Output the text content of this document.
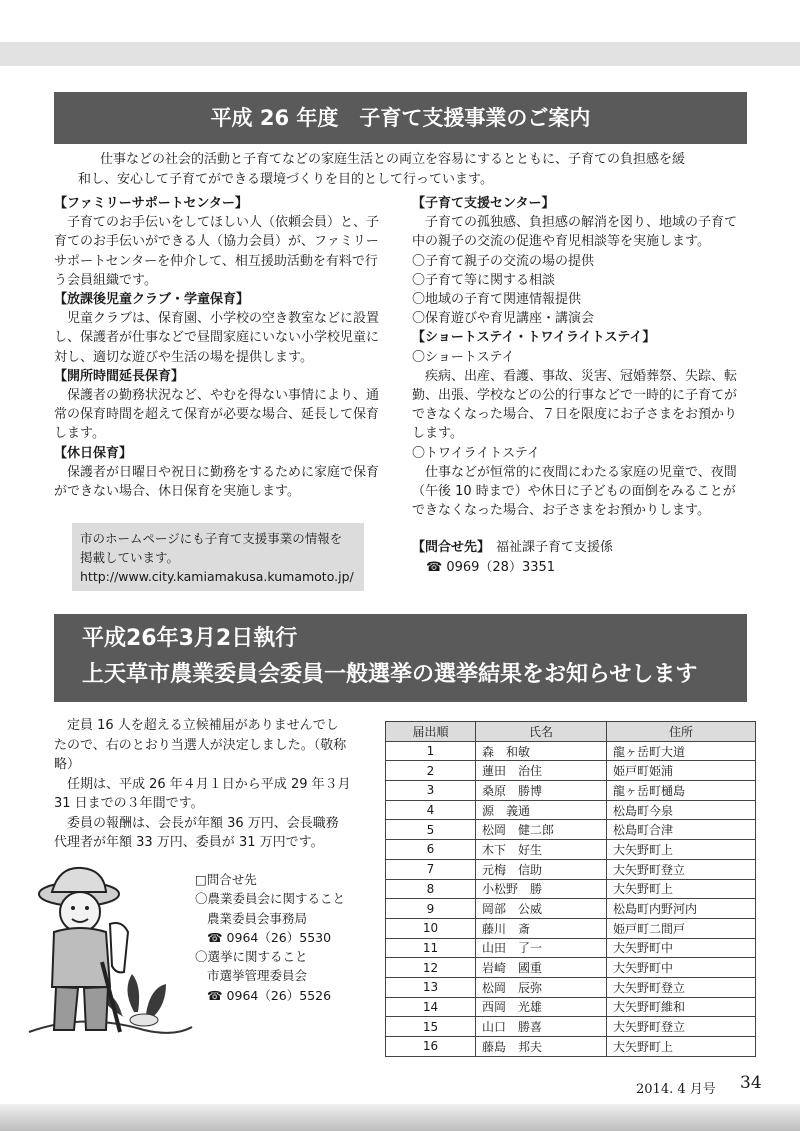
平成 26 年度　子育て支援事業のご案内

仕事などの社会的活動と子育てなどの家庭生活との両立を容易にするとともに、子育ての負担感を緩

和し、安心して子育てができる環境づくりを目的として行っています。

【ファミリーサポートセンター】

子育てのお手伝いをしてほしい人（依頼会員）と、子

育てのお手伝いができる人（協力会員）が、ファミリー

サポートセンターを仲介して、相互援助活動を有料で行

う会員組織です。

【放課後児童クラブ・学童保育】

児童クラブは、保育園、小学校の空き教室などに設置

し、保護者が仕事などで昼間家庭にいない小学校児童に

対し、適切な遊びや生活の場を提供します。

【開所時間延長保育】

保護者の勤務状況など、やむを得ない事情により、通

常の保育時間を超えて保育が必要な場合、延長して保育

します。

【休日保育】

保護者が日曜日や祝日に勤務をするために家庭で保育

ができない場合、休日保育を実施します。

市のホームページにも子育て支援事業の情報を

掲載しています。

http://www.city.kamiamakusa.kumamoto.jp/

【子育て支援センター】

子育ての孤独感、負担感の解消を図り、地域の子育て

中の親子の交流の促進や育児相談等を実施します。

〇子育て親子の交流の場の提供

〇子育て等に関する相談

〇地域の子育て関連情報提供

〇保育遊びや育児講座・講演会

【ショートステイ・トワイライトステイ】

〇ショートステイ

疾病、出産、看護、事故、災害、冠婚葬祭、失踪、転

勤、出張、学校などの公的行事などで一時的に子育てが

できなくなった場合、７日を限度にお子さまをお預かり

します。

〇トワイライトステイ

仕事などが恒常的に夜間にわたる家庭の児童で、夜間

（午後 10 時まで）や休日に子どもの面倒をみることが

できなくなった場合、お子さまをお預かりします。

【問合せ先】 福祉課子育て支援係

☎ 0969（28）3351

平成26年3月2日執行
上天草市農業委員会委員一般選挙の選挙結果をお知らせします

定員 16 人を超える立候補届がありませんでし

たので、右のとおり当選人が決定しました。（敬称

略）

任期は、平成 26 年４月１日から平成 29 年３月

31 日までの３年間です。

委員の報酬は、会長が年額 36 万円、会長職務

代理者が年額 33 万円、委員が 31 万円です。

□問合せ先

〇農業委員会に関すること

農業委員会事務局

☎ 0964（26）5530

〇選挙に関すること

市選挙管理委員会

☎ 0964（26）5526

届出順	氏名	住所
1	森　和敏	龍ヶ岳町大道
2	蓮田　治住	姫戸町姫浦
3	桑原　勝博	龍ヶ岳町樋島
4	源　義通	松島町今泉
5	松岡　健二郎	松島町合津
6	木下　好生	大矢野町上
7	元梅　信助	大矢野町登立
8	小松野　勝	大矢野町上
9	岡部　公威	松島町内野河内
10	藤川　斎	姫戸町二間戸
11	山田　了一	大矢野町中
12	岩崎　國重	大矢野町中
13	松岡　辰弥	大矢野町登立
14	西岡　光雄	大矢野町維和
15	山口　勝喜	大矢野町登立
16	藤島　邦夫	大矢野町上
2014. 4 月号 34
